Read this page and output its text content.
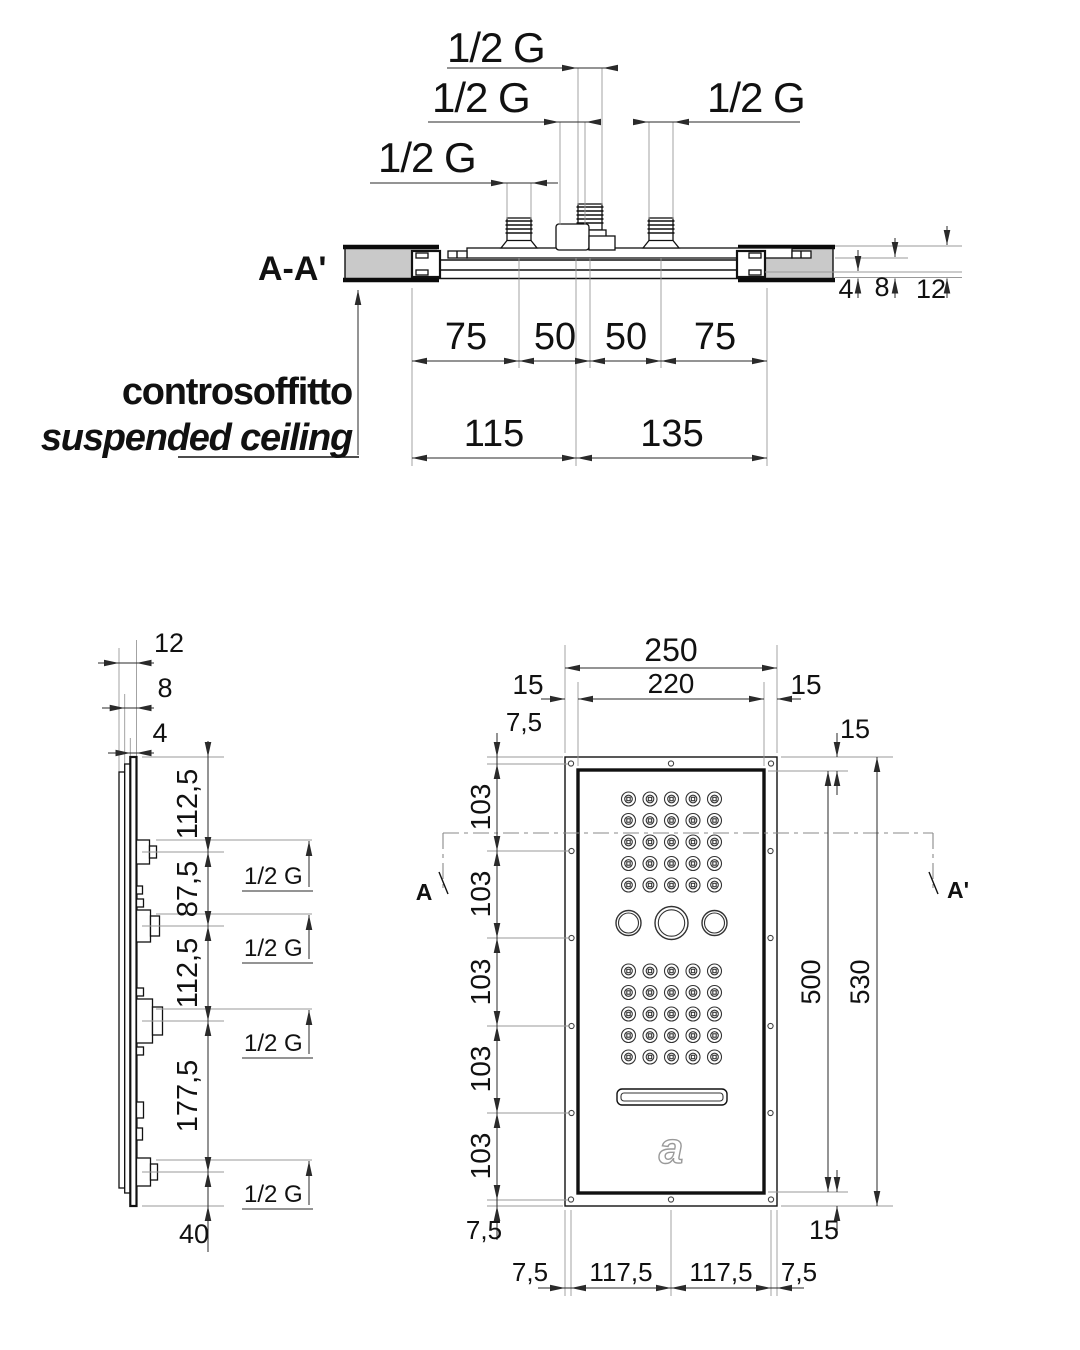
A-A'
1/2 G
1/2 G	1/2 G
1/2 G
4 8 12
75 50 50 75
115	135
controsoffitto
suspended ceiling
12
8
4
112,5
87,5
112,5
177,5
40
1/2 G
1/2 G
1/2 G
1/2 G
a
A	A'
250
15	220	15
7,5	15
500 530
15
103
103
103
103
103
7,5
7,5 117,5 117,5 7,5
